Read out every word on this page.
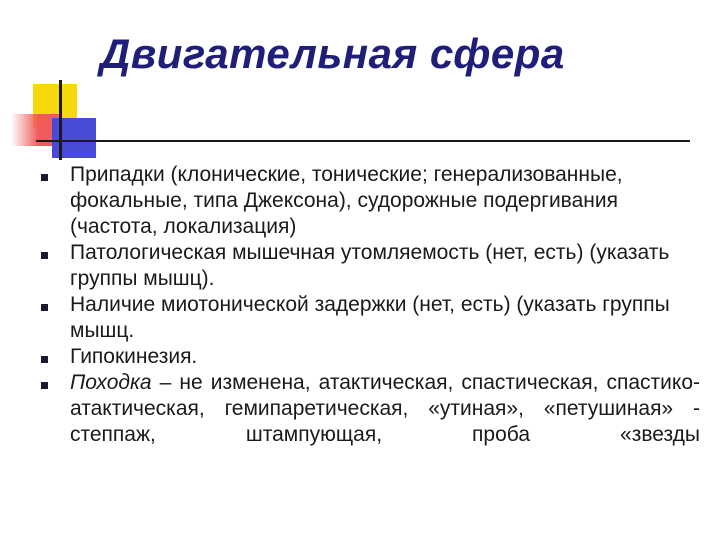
Двигательная сфера
Припадки (клонические, тонические; генерализованные, фокальные, типа Джексона), судорожные подергивания (частота, локализация)
Патологическая мышечная утомляемость (нет, есть) (указать группы мышц).
Наличие миотонической задержки (нет, есть) (указать группы мышц.
Гипокинезия.
Походка – не изменена, атактическая, спастическая, спастико-атактическая, гемипаретическая, «утиная», «петушиная» - степпаж, штампующая, проба «звезды
